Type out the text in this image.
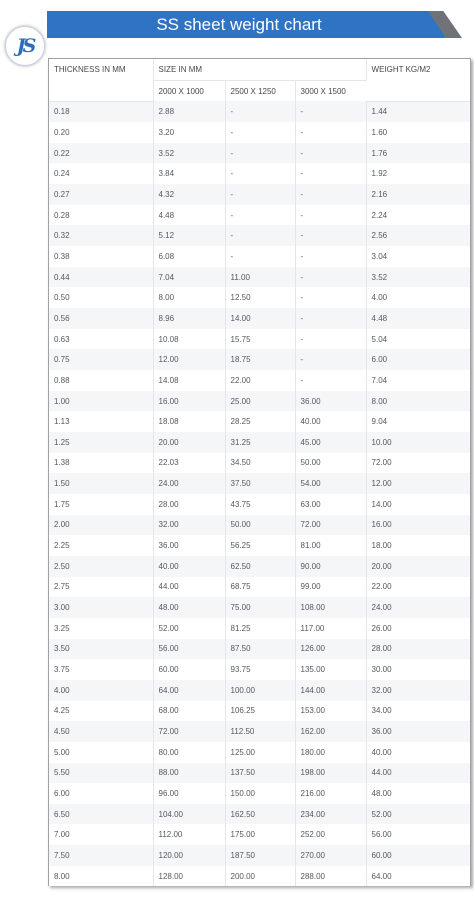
SS sheet weight chart
JS
THICKNESS IN MM	SIZE IN MM			WEIGHT KG/M2
	2000 X 1000	2500 X 1250	3000 X 1500	
0.18	2.88	-	-	1.44
0.20	3.20	-	-	1.60
0.22	3.52	-	-	1.76
0.24	3.84	-	-	1.92
0.27	4.32	-	-	2.16
0.28	4.48	-	-	2.24
0.32	5.12	-	-	2.56
0.38	6.08	-	-	3.04
0.44	7.04	11.00	-	3.52
0.50	8.00	12.50	-	4.00
0.56	8.96	14.00	-	4.48
0.63	10.08	15.75	-	5.04
0.75	12.00	18.75	-	6.00
0.88	14.08	22.00	-	7.04
1.00	16.00	25.00	36.00	8.00
1.13	18.08	28.25	40.00	9.04
1.25	20.00	31.25	45.00	10.00
1.38	22.03	34.50	50.00	72.00
1.50	24.00	37.50	54.00	12.00
1.75	28.00	43.75	63.00	14.00
2.00	32.00	50.00	72.00	16.00
2.25	36.00	56.25	81.00	18.00
2.50	40.00	62.50	90.00	20.00
2.75	44.00	68.75	99.00	22.00
3.00	48.00	75.00	108.00	24.00
3.25	52.00	81.25	117.00	26.00
3.50	56.00	87.50	126.00	28.00
3.75	60.00	93.75	135.00	30.00
4.00	64.00	100.00	144.00	32.00
4.25	68.00	106.25	153.00	34.00
4.50	72.00	112.50	162.00	36.00
5.00	80.00	125.00	180.00	40.00
5.50	88.00	137.50	198.00	44.00
6.00	96.00	150.00	216.00	48.00
6.50	104.00	162.50	234.00	52.00
7.00	112.00	175.00	252.00	56.00
7.50	120.00	187.50	270.00	60.00
8.00	128.00	200.00	288.00	64.00
